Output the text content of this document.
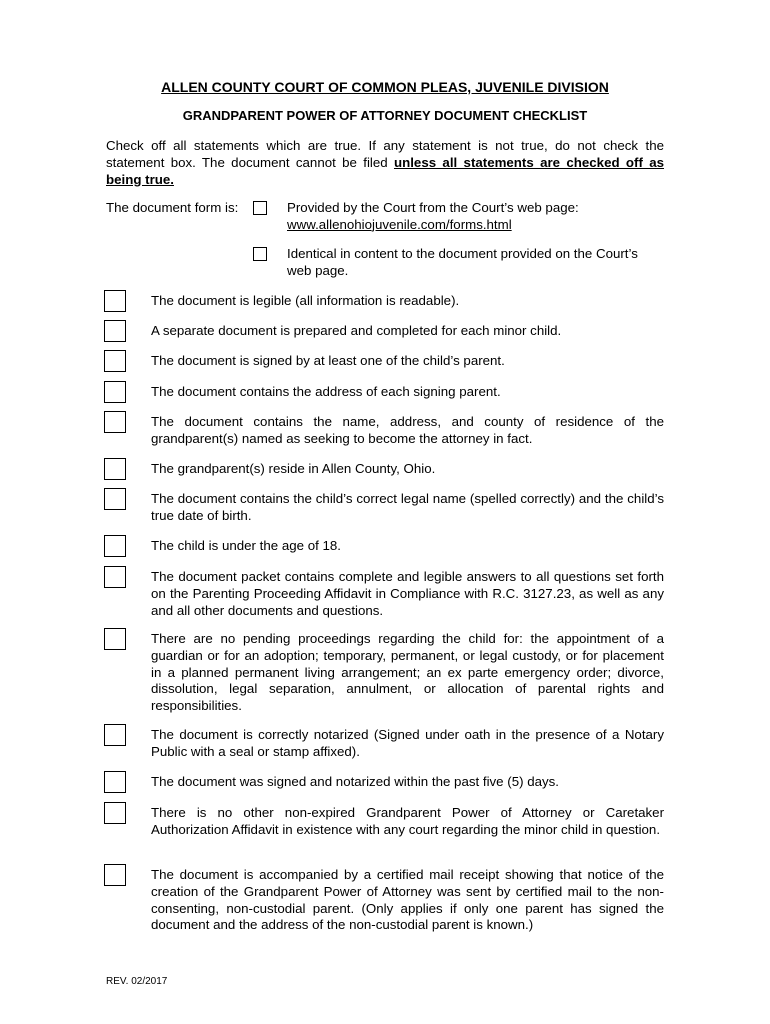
ALLEN COUNTY COURT OF COMMON PLEAS, JUVENILE DIVISION
GRANDPARENT POWER OF ATTORNEY DOCUMENT CHECKLIST
Check off all statements which are true. If any statement is not true, do not check the statement box. The document cannot be filed unless all statements are checked off as being true.
The document form is:	Provided by the Court from the Court’s web page:
www.allenohiojuvenile.com/forms.html
Identical in content to the document provided on the Court’s web page.
The document is legible (all information is readable).
A separate document is prepared and completed for each minor child.
The document is signed by at least one of the child’s parent.
The document contains the address of each signing parent.
The document contains the name, address, and county of residence of the grandparent(s) named as seeking to become the attorney in fact.
The grandparent(s) reside in Allen County, Ohio.
The document contains the child’s correct legal name (spelled correctly) and the child’s true date of birth.
The child is under the age of 18.
The document packet contains complete and legible answers to all questions set forth on the Parenting Proceeding Affidavit in Compliance with R.C. 3127.23, as well as any and all other documents and questions.
There are no pending proceedings regarding the child for: the appointment of a guardian or for an adoption; temporary, permanent, or legal custody, or for placement in a planned permanent living arrangement; an ex parte emergency order; divorce, dissolution, legal separation, annulment, or allocation of parental rights and responsibilities.
The document is correctly notarized (Signed under oath in the presence of a Notary Public with a seal or stamp affixed).
The document was signed and notarized within the past five (5) days.
There is no other non-expired Grandparent Power of Attorney or Caretaker Authorization Affidavit in existence with any court regarding the minor child in question.
The document is accompanied by a certified mail receipt showing that notice of the creation of the Grandparent Power of Attorney was sent by certified mail to the non-consenting, non-custodial parent. (Only applies if only one parent has signed the document and the address of the non-custodial parent is known.)
REV. 02/2017
